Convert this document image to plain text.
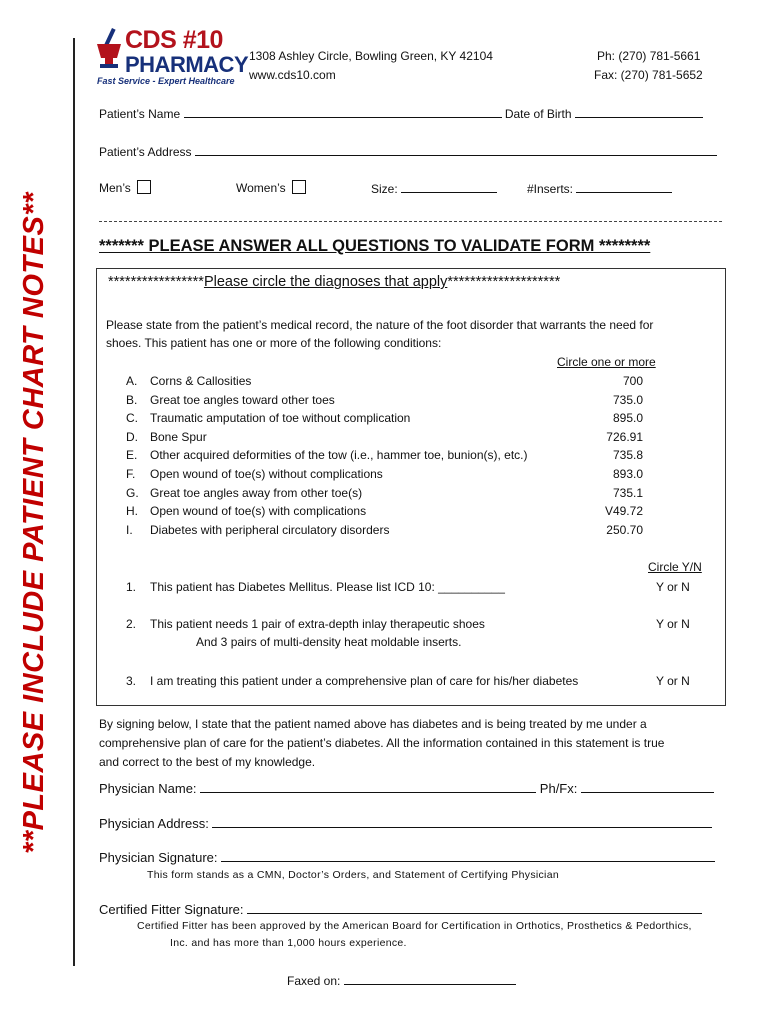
**PLEASE INCLUDE PATIENT CHART NOTES**
CDS #10
PHARMACY
Fast Service - Expert Healthcare
1308 Ashley Circle, Bowling Green, KY 42104
www.cds10.com
Ph: (270) 781-5661
Fax: (270) 781-5652
Patient’s Name	Date of Birth
Patient’s Address
Men’s	Women’s	Size:	#Inserts:
******* PLEASE ANSWER ALL QUESTIONS TO VALIDATE FORM ********
*****************Please circle the diagnoses that apply********************
Please state from the patient’s medical record, the nature of the foot disorder that warrants the need for
shoes. This patient has one or more of the following conditions:
Circle one or more
A. Corns & Callosities	700
B. Great toe angles toward other toes	735.0
C. Traumatic amputation of toe without complication	895.0
D. Bone Spur	726.91
E. Other acquired deformities of the tow (i.e., hammer toe, bunion(s), etc.)	735.8
F. Open wound of toe(s) without complications	893.0
G. Great toe angles away from other toe(s)	735.1
H. Open wound of toe(s) with complications	V49.72
I. Diabetes with peripheral circulatory disorders	250.70
Circle Y/N
1. This patient has Diabetes Mellitus. Please list ICD 10: __________	Y or N
2. This patient needs 1 pair of extra-depth inlay therapeutic shoes
And 3 pairs of multi-density heat moldable inserts.
Y or N
3. I am treating this patient under a comprehensive plan of care for his/her diabetes	Y or N
By signing below, I state that the patient named above has diabetes and is being treated by me under a
comprehensive plan of care for the patient’s diabetes. All the information contained in this statement is true
and correct to the best of my knowledge.
Physician Name:	Ph/Fx:
Physician Address:
Physician Signature:
This form stands as a CMN, Doctor’s Orders, and Statement of Certifying Physician
Certified Fitter Signature:
Certified Fitter has been approved by the American Board for Certification in Orthotics, Prosthetics & Pedorthics,
Inc. and has more than 1,000 hours experience.
Faxed on:
